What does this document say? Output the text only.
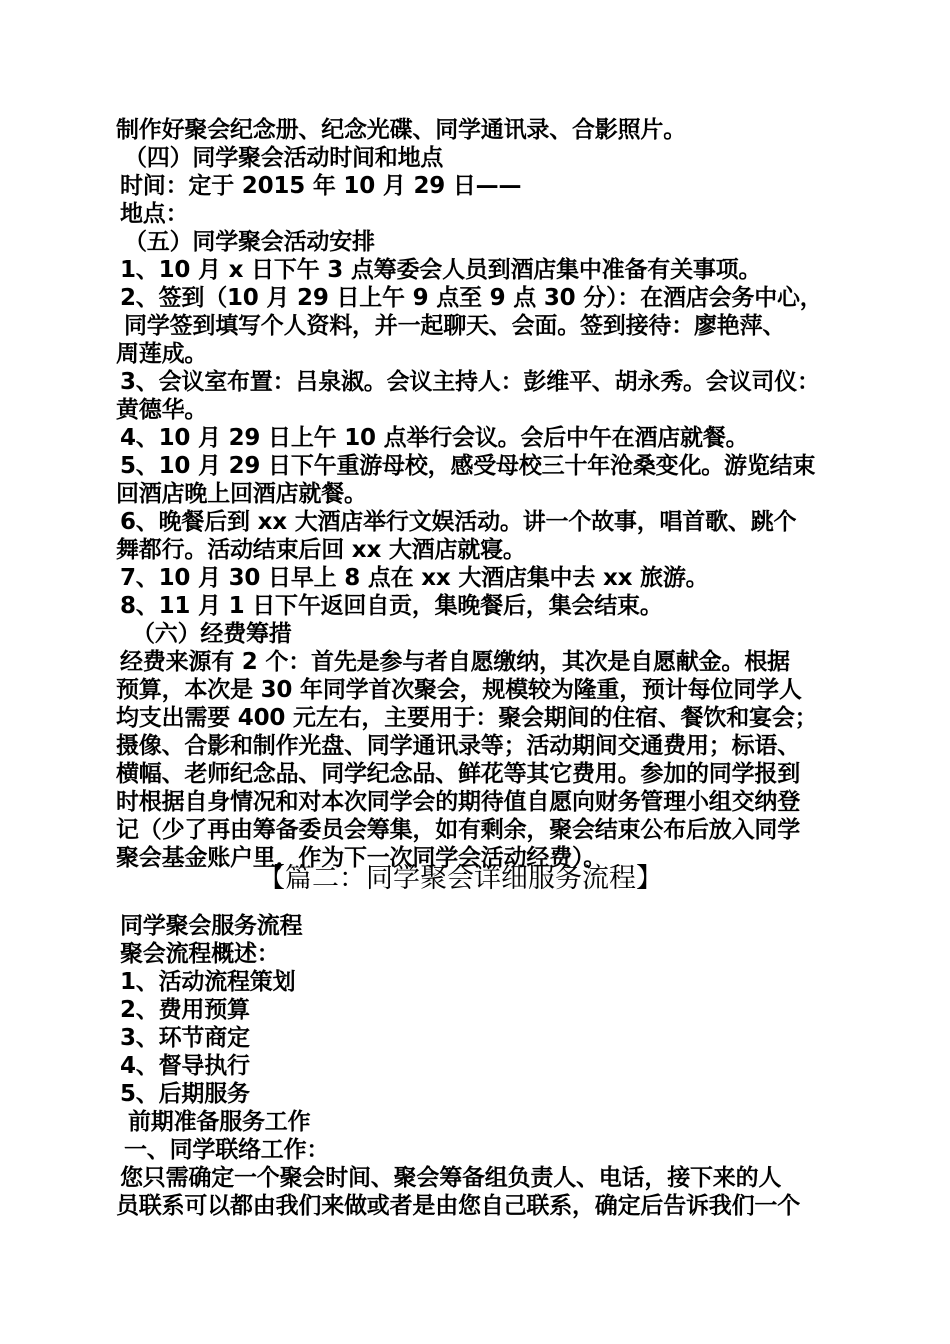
制作好聚会纪念册、纪念光碟、同学通讯录、合影照片。
（四）同学聚会活动时间和地点
时间：定于 2015 年 10 月 29 日——
地点：
（五）同学聚会活动安排
1、10 月 x 日下午 3 点筹委会人员到酒店集中准备有关事项。
2、签到（10 月 29 日上午 9 点至 9 点 30 分）：在酒店会务中心，
同学签到填写个人资料，并一起聊天、会面。签到接待：廖艳萍、
周莲成。
3、会议室布置：吕泉淑。会议主持人：彭维平、胡永秀。会议司仪：
黄德华。
4、10 月 29 日上午 10 点举行会议。会后中午在酒店就餐。
5、10 月 29 日下午重游母校，感受母校三十年沧桑变化。游览结束
回酒店晚上回酒店就餐。
6、晚餐后到 xx 大酒店举行文娱活动。讲一个故事，唱首歌、跳个
舞都行。活动结束后回 xx 大酒店就寝。
7、10 月 30 日早上 8 点在 xx 大酒店集中去 xx 旅游。
8、11 月 1 日下午返回自贡，集晚餐后，集会结束。
（六）经费筹措
经费来源有 2 个：首先是参与者自愿缴纳，其次是自愿献金。根据
预算，本次是 30 年同学首次聚会，规模较为隆重，预计每位同学人
均支出需要 400 元左右，主要用于：聚会期间的住宿、餐饮和宴会；
摄像、合影和制作光盘、同学通讯录等；活动期间交通费用；标语、
横幅、老师纪念品、同学纪念品、鲜花等其它费用。参加的同学报到
时根据自身情况和对本次同学会的期待值自愿向财务管理小组交纳登
记（少了再由筹备委员会筹集，如有剩余，聚会结束公布后放入同学
聚会基金账户里，作为下一次同学会活动经费）。
【篇二：同学聚会详细服务流程】
同学聚会服务流程
聚会流程概述：
1、活动流程策划
2、费用预算
3、环节商定
4、督导执行
5、后期服务
前期准备服务工作
一、同学联络工作：
您只需确定一个聚会时间、聚会筹备组负责人、电话，接下来的人
员联系可以都由我们来做或者是由您自己联系，确定后告诉我们一个
